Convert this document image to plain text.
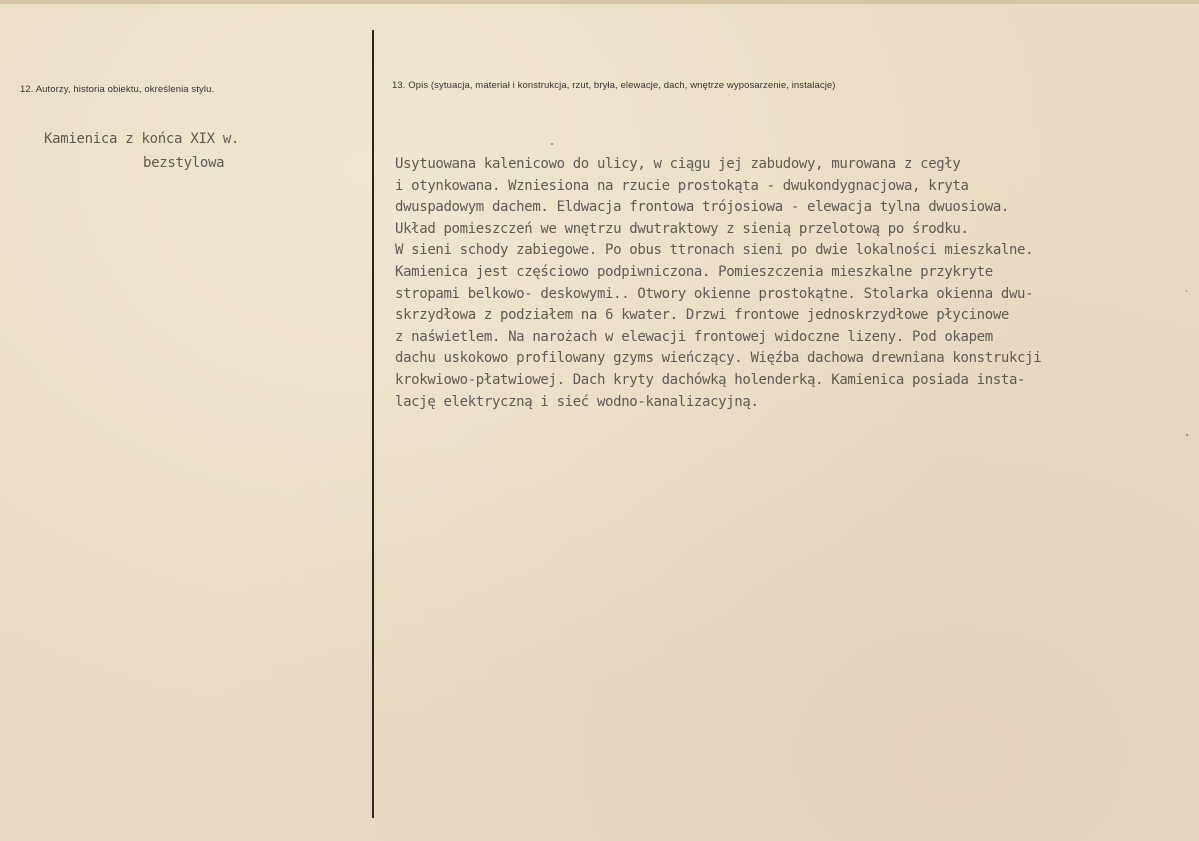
12. Autorzy, historia obiektu, określenia stylu.	13. Opis (sytuacja, materiał i konstrukcja, rzut, bryła, elewacje, dach, wnętrze wyposarzenie, instalacje)
Kamienica z końca XIX w.
bezstylowa	Usytuowana kalenicowo do ulicy, w ciągu jej zabudowy, murowana z cegły
i otynkowana. Wzniesiona na rzucie prostokąta - dwukondygnacjowa, kryta
dwuspadowym dachem. Eldwacja frontowa trójosiowa - elewacja tylna dwuosiowa.
Układ pomieszczeń we wnętrzu dwutraktowy z sienią przelotową po środku.
W sieni schody zabiegowe. Po obus ttronach sieni po dwie lokalności mieszkalne.
Kamienica jest częściowo podpiwniczona. Pomieszczenia mieszkalne przykryte
stropami belkowo- deskowymi.. Otwory okienne prostokątne. Stolarka okienna dwu-
skrzydłowa z podziałem na 6 kwater. Drzwi frontowe jednoskrzydłowe płycinowe
z naświetlem. Na narożach w elewacji frontowej widoczne lizeny. Pod okapem
dachu uskokowo profilowany gzyms wieńczący. Więźba dachowa drewniana konstrukcji
krokwiowo-płatwiowej. Dach kryty dachówką holenderką. Kamienica posiada insta-
lację elektryczną i sieć wodno-kanalizacyjną.
